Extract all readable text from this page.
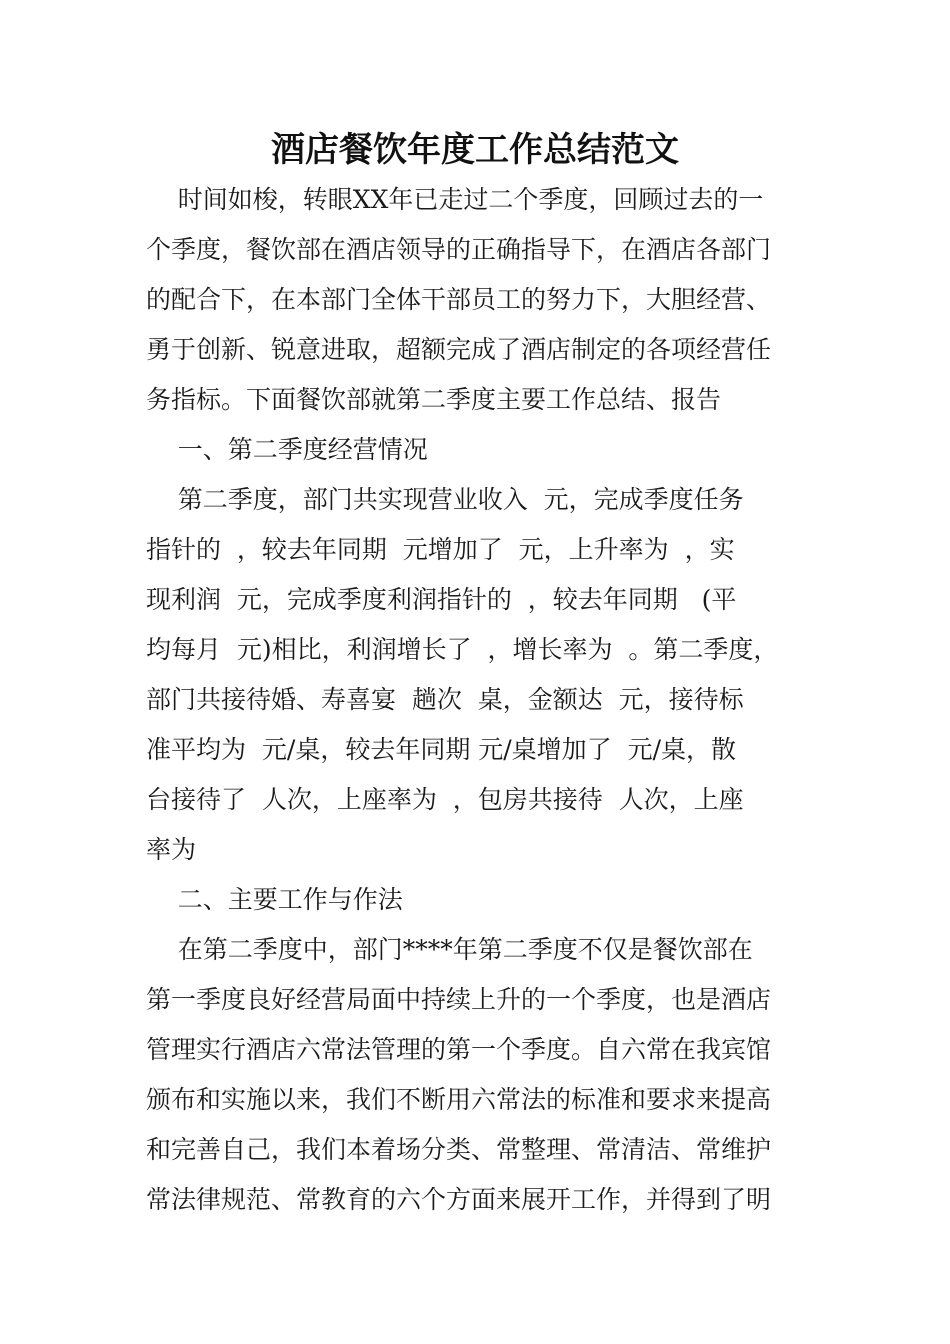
酒店餐饮年度工作总结范文

时间如梭，转眼XX年已走过二个季度，回顾过去的一

个季度，餐饮部在酒店领导的正确指导下，在酒店各部门

的配合下，在本部门全体干部员工的努力下，大胆经营、

勇于创新、锐意进取，超额完成了酒店制定的各项经营任

务指标。下面餐饮部就第二季度主要工作总结、报告

一、第二季度经营情况

第二季度，部门共实现营业收入  元，完成季度任务

指针的  ，较去年同期  元增加了  元，上升率为  ，实

现利润  元，完成季度利润指针的  ，较去年同期   (平

均每月  元)相比，利润增长了  ，增长率为  。第二季度，

部门共接待婚、寿喜宴  趟次  桌，金额达  元，接待标

准平均为  元/桌，较去年同期 元/桌增加了  元/桌，散

台接待了  人次，上座率为  ，包房共接待  人次，上座

率为

二、主要工作与作法

在第二季度中，部门****年第二季度不仅是餐饮部在

第一季度良好经营局面中持续上升的一个季度，也是酒店

管理实行酒店六常法管理的第一个季度。自六常在我宾馆

颁布和实施以来，我们不断用六常法的标准和要求来提高

和完善自己，我们本着场分类、常整理、常清洁、常维护

常法律规范、常教育的六个方面来展开工作，并得到了明
